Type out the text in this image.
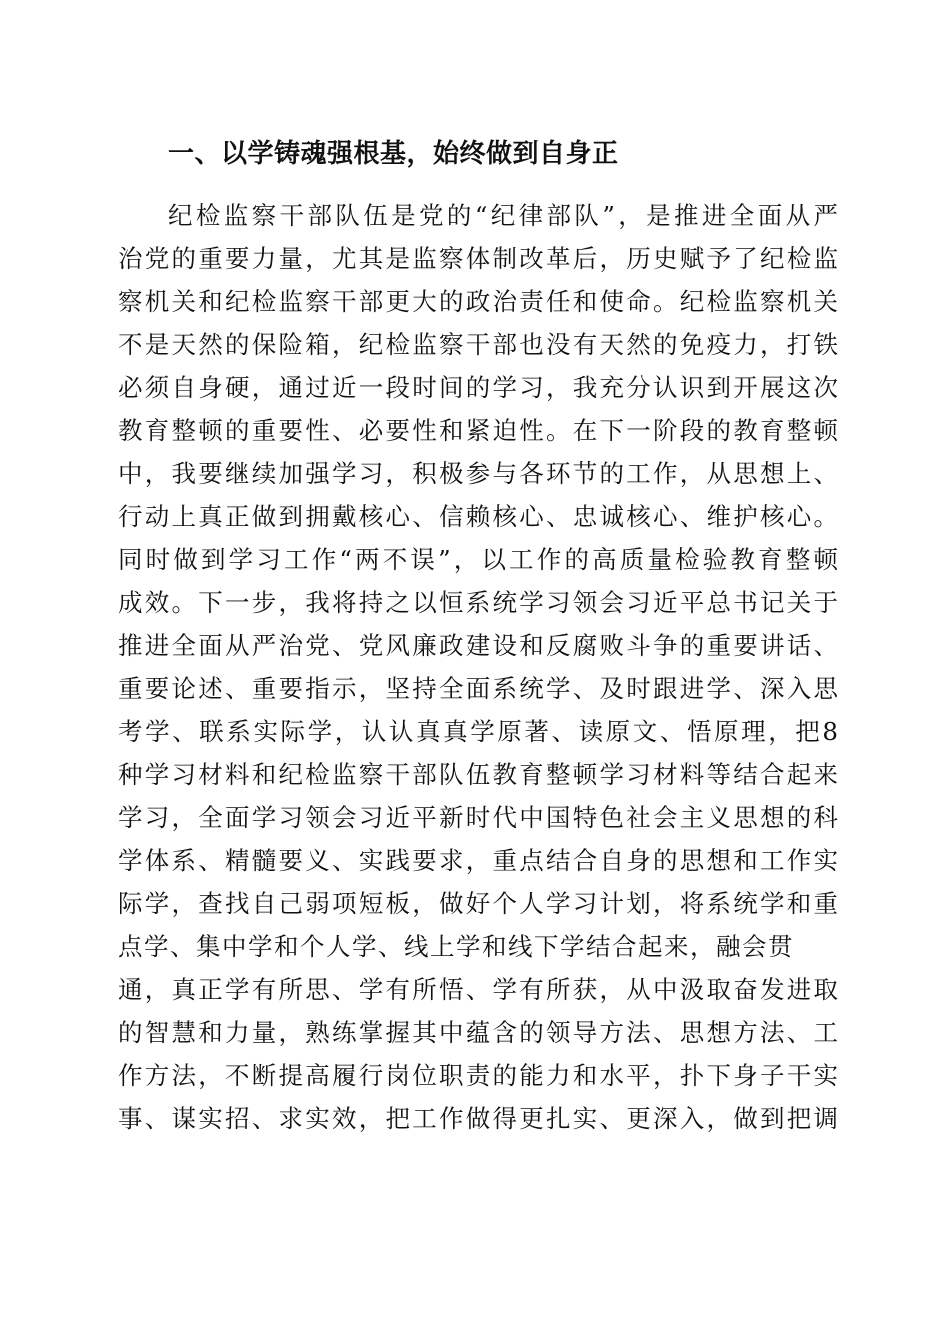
一、以学铸魂强根基，始终做到自身正
纪检监察干部队伍是党的“纪律部队”，是推进全面从严
治党的重要力量，尤其是监察体制改革后，历史赋予了纪检监
察机关和纪检监察干部更大的政治责任和使命。纪检监察机关
不是天然的保险箱，纪检监察干部也没有天然的免疫力，打铁
必须自身硬，通过近一段时间的学习，我充分认识到开展这次
教育整顿的重要性、必要性和紧迫性。在下一阶段的教育整顿
中，我要继续加强学习，积极参与各环节的工作，从思想上、
行动上真正做到拥戴核心、信赖核心、忠诚核心、维护核心。
同时做到学习工作“两不误”，以工作的高质量检验教育整顿
成效。下一步，我将持之以恒系统学习领会习近平总书记关于
推进全面从严治党、党风廉政建设和反腐败斗争的重要讲话、
重要论述、重要指示，坚持全面系统学、及时跟进学、深入思
考学、联系实际学，认认真真学原著、读原文、悟原理，把8
种学习材料和纪检监察干部队伍教育整顿学习材料等结合起来
学习，全面学习领会习近平新时代中国特色社会主义思想的科
学体系、精髓要义、实践要求，重点结合自身的思想和工作实
际学，查找自己弱项短板，做好个人学习计划，将系统学和重
点学、集中学和个人学、线上学和线下学结合起来，融会贯
通，真正学有所思、学有所悟、学有所获，从中汲取奋发进取
的智慧和力量，熟练掌握其中蕴含的领导方法、思想方法、工
作方法，不断提高履行岗位职责的能力和水平，扑下身子干实
事、谋实招、求实效，把工作做得更扎实、更深入，做到把调
